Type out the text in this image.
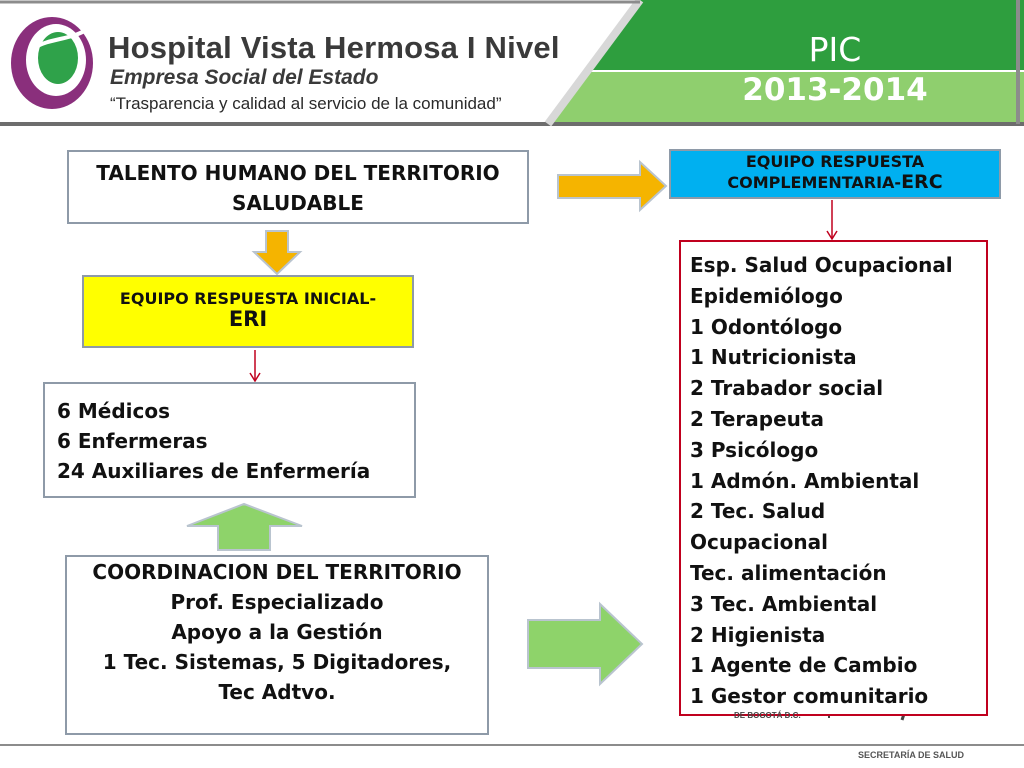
Hospital Vista Hermosa I Nivel
Empresa Social del Estado
“Trasparencia y calidad al servicio de la comunidad”
PIC
2013-2014
TALENTO HUMANO DEL TERRITORIO
SALUDABLE
EQUIPO RESPUESTA INICIAL-
ERI
6 Médicos
6 Enfermeras
24 Auxiliares de Enfermería
COORDINACION DEL TERRITORIO
Prof. Especializado
Apoyo a la Gestión
1 Tec. Sistemas, 5 Digitadores,
Tec Adtvo.
EQUIPO RESPUESTA
COMPLEMENTARIA-ERC
Esp. Salud Ocupacional
Epidemiólogo
1 Odontólogo
1 Nutricionista
2 Trabador social
2 Terapeuta
3 Psicólogo
1 Admón. Ambiental
2 Tec. Salud
Ocupacional
Tec. alimentación
3 Tec. Ambiental
2 Higienista
1 Agente de Cambio
1 Gestor comunitario
DE BOGOTÁ D.C.
SECRETARÍA DE SALUD
